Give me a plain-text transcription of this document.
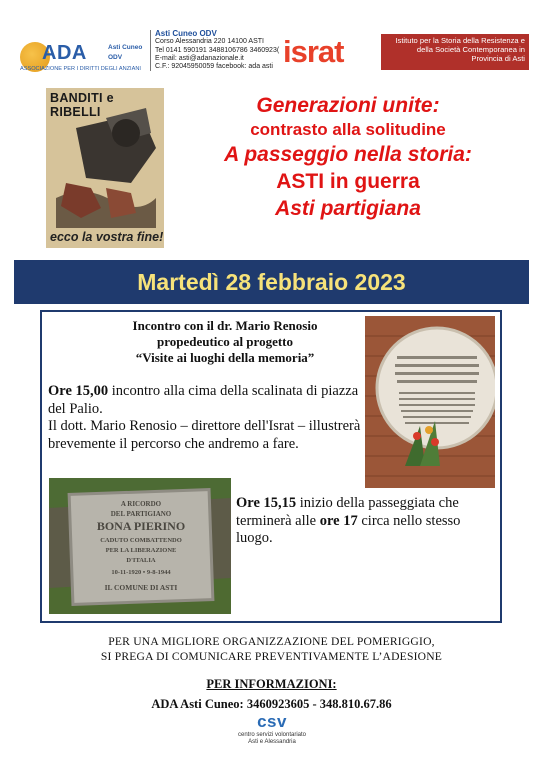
ADA	Asti Cuneo
ODV
ASSOCIAZIONE PER I DIRITTI DEGLI ANZIANI
Asti Cuneo ODV
Corso Alessandria 220 14100 ASTI
Tel 0141 590191 3488106786 3460923(
E-mail: asti@adanazionale.it
C.F.: 92045950059 facebook: ada asti israt	Istituto per la Storia della Resistenza e della Società Contemporanea in Provincia di Asti
BANDITI e RIBELLI
ecco la vostra fine!
Generazioni unite:
contrasto alla solitudine
A passeggio nella storia:
ASTI in guerra
Asti partigiana
Martedì 28 febbraio 2023
Incontro con il dr. Mario Renosio
propedeutico al progetto
“Visite ai luoghi della memoria”
Ore 15,00 incontro alla cima della scalinata di piazza del Palio.
Il dott. Mario Renosio – direttore dell'Israt – illustrerà brevemente il percorso che andremo a fare.
A RICORDO
DEL PARTIGIANO
BONA PIERINO
CADUTO COMBATTENDO
PER LA LIBERAZIONE
D'ITALIA
10-11-1920 • 9-8-1944
IL COMUNE DI ASTI
Ore 15,15 inizio della passeggiata che terminerà alle ore 17 circa nello stesso luogo.
PER UNA MIGLIORE ORGANIZZAZIONE DEL POMERIGGIO,
SI PREGA DI COMUNICARE PREVENTIVAMENTE L’ADESIONE
PER INFORMAZIONI:
ADA Asti Cuneo: 3460923605 - 348.810.67.86
csv
centro servizi volontariato
Asti e Alessandria
